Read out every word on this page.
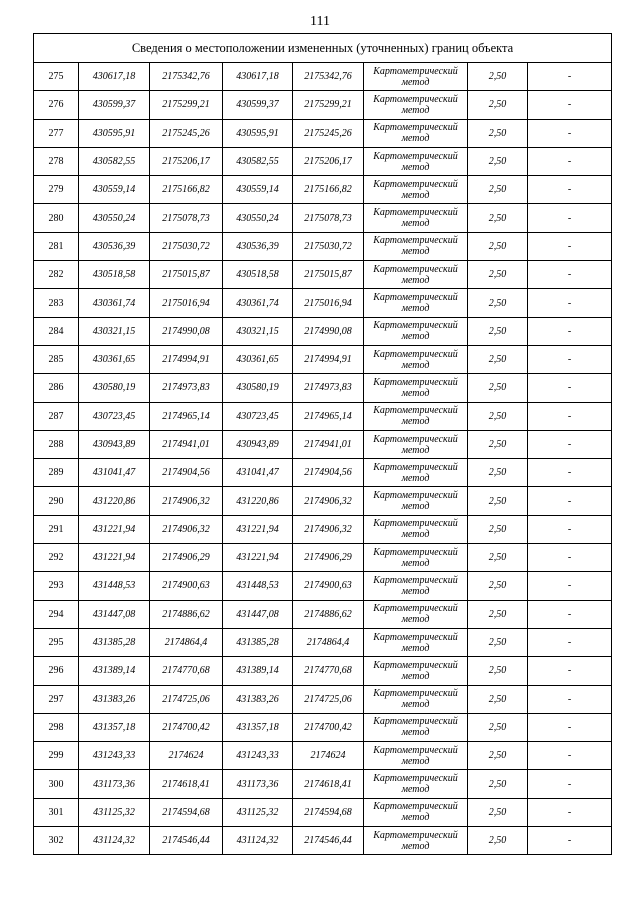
111
Сведения о местоположении измененных (уточненных) границ объекта							
275	430617,18	2175342,76	430617,18	2175342,76	Картометрический метод	2,50	-
276	430599,37	2175299,21	430599,37	2175299,21	Картометрический метод	2,50	-
277	430595,91	2175245,26	430595,91	2175245,26	Картометрический метод	2,50	-
278	430582,55	2175206,17	430582,55	2175206,17	Картометрический метод	2,50	-
279	430559,14	2175166,82	430559,14	2175166,82	Картометрический метод	2,50	-
280	430550,24	2175078,73	430550,24	2175078,73	Картометрический метод	2,50	-
281	430536,39	2175030,72	430536,39	2175030,72	Картометрический метод	2,50	-
282	430518,58	2175015,87	430518,58	2175015,87	Картометрический метод	2,50	-
283	430361,74	2175016,94	430361,74	2175016,94	Картометрический метод	2,50	-
284	430321,15	2174990,08	430321,15	2174990,08	Картометрический метод	2,50	-
285	430361,65	2174994,91	430361,65	2174994,91	Картометрический метод	2,50	-
286	430580,19	2174973,83	430580,19	2174973,83	Картометрический метод	2,50	-
287	430723,45	2174965,14	430723,45	2174965,14	Картометрический метод	2,50	-
288	430943,89	2174941,01	430943,89	2174941,01	Картометрический метод	2,50	-
289	431041,47	2174904,56	431041,47	2174904,56	Картометрический метод	2,50	-
290	431220,86	2174906,32	431220,86	2174906,32	Картометрический метод	2,50	-
291	431221,94	2174906,32	431221,94	2174906,32	Картометрический метод	2,50	-
292	431221,94	2174906,29	431221,94	2174906,29	Картометрический метод	2,50	-
293	431448,53	2174900,63	431448,53	2174900,63	Картометрический метод	2,50	-
294	431447,08	2174886,62	431447,08	2174886,62	Картометрический метод	2,50	-
295	431385,28	2174864,4	431385,28	2174864,4	Картометрический метод	2,50	-
296	431389,14	2174770,68	431389,14	2174770,68	Картометрический метод	2,50	-
297	431383,26	2174725,06	431383,26	2174725,06	Картометрический метод	2,50	-
298	431357,18	2174700,42	431357,18	2174700,42	Картометрический метод	2,50	-
299	431243,33	2174624	431243,33	2174624	Картометрический метод	2,50	-
300	431173,36	2174618,41	431173,36	2174618,41	Картометрический метод	2,50	-
301	431125,32	2174594,68	431125,32	2174594,68	Картометрический метод	2,50	-
302	431124,32	2174546,44	431124,32	2174546,44	Картометрический метод	2,50	-
